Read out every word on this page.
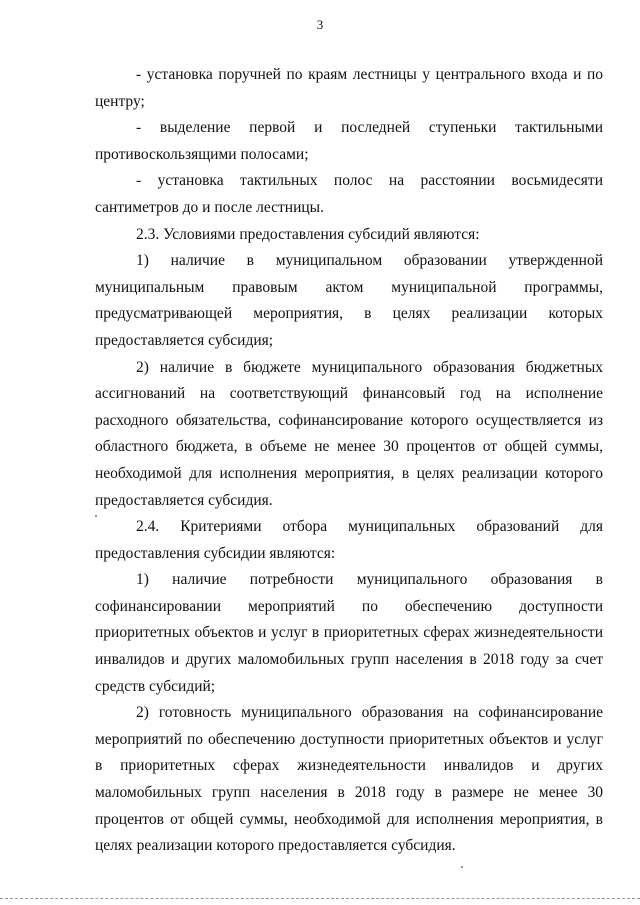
3

- установка поручней по краям лестницы у центрального входа и по центру;

- выделение первой и последней ступеньки тактильными противоскользящими полосами;

- установка тактильных полос на расстоянии восьмидесяти сантиметров до и после лестницы.

2.3. Условиями предоставления субсидий являются:

1) наличие в муниципальном образовании утвержденной муниципальным правовым актом муниципальной программы, предусматривающей мероприятия, в целях реализации которых предоставляется субсидия;

2) наличие в бюджете муниципального образования бюджетных ассигнований на соответствующий финансовый год на исполнение расходного обязательства, софинансирование которого осуществляется из областного бюджета, в объеме не менее 30 процентов от общей суммы, необходимой для исполнения мероприятия, в целях реализации которого предоставляется субсидия.

2.4. Критериями отбора муниципальных образований для предоставления субсидии являются:

1) наличие потребности муниципального образования в софинансировании мероприятий по обеспечению доступности приоритетных объектов и услуг в приоритетных сферах жизнедеятельности инвалидов и других маломобильных групп населения в 2018 году за счет средств субсидий;

2) готовность муниципального образования на софинансирование мероприятий по обеспечению доступности приоритетных объектов и услуг в приоритетных сферах жизнедеятельности инвалидов и других маломобильных групп населения в 2018 году в размере не менее 30 процентов от общей суммы, необходимой для исполнения мероприятия, в целях реализации которого предоставляется субсидия.
